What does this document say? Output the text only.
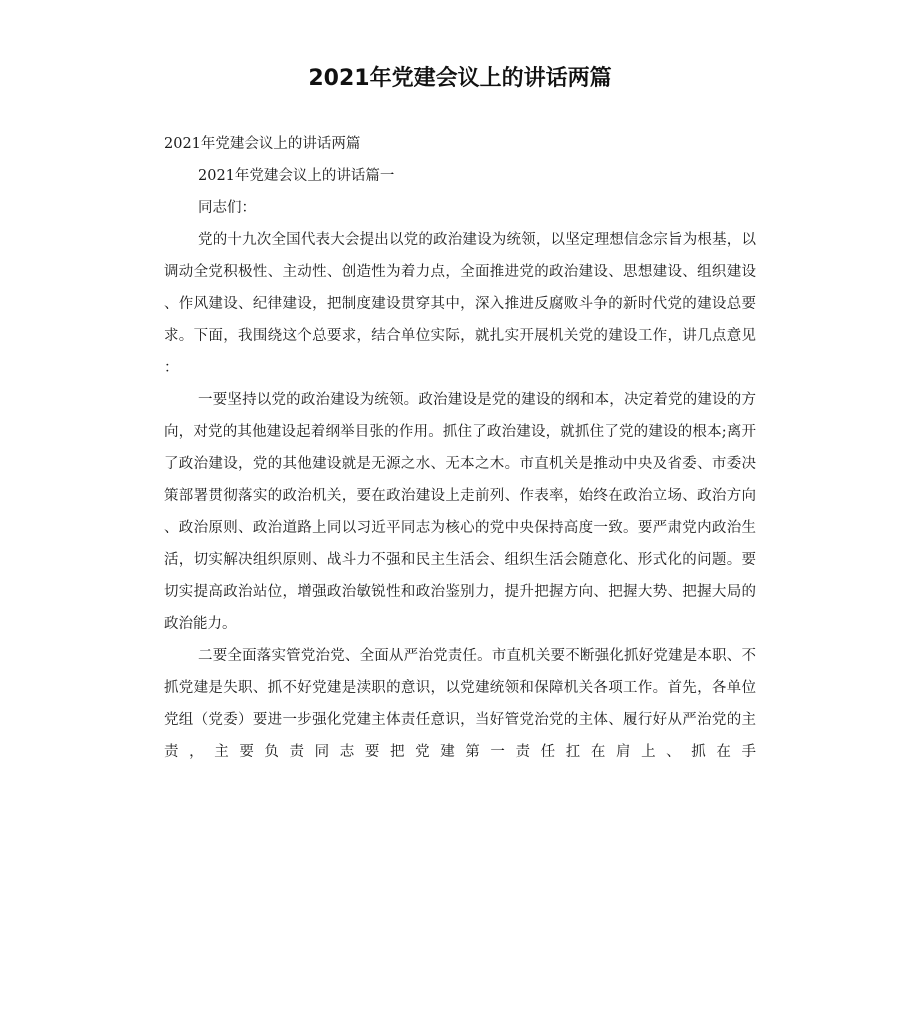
2021年党建会议上的讲话两篇

2021年党建会议上的讲话两篇

2021年党建会议上的讲话篇一

同志们：

党的十九次全国代表大会提出以党的政治建设为统领，以坚定理想信念宗旨为根基，以调动全党积极性、主动性、创造性为着力点，全面推进党的政治建设、思想建设、组织建设、作风建设、纪律建设，把制度建设贯穿其中，深入推进反腐败斗争的新时代党的建设总要求。下面，我围绕这个总要求，结合单位实际，就扎实开展机关党的建设工作，讲几点意见：

一要坚持以党的政治建设为统领。政治建设是党的建设的纲和本，决定着党的建设的方向，对党的其他建设起着纲举目张的作用。抓住了政治建设，就抓住了党的建设的根本;离开了政治建设，党的其他建设就是无源之水、无本之木。市直机关是推动中央及省委、市委决策部署贯彻落实的政治机关，要在政治建设上走前列、作表率，始终在政治立场、政治方向、政治原则、政治道路上同以习近平同志为核心的党中央保持高度一致。要严肃党内政治生活，切实解决组织原则、战斗力不强和民主生活会、组织生活会随意化、形式化的问题。要切实提高政治站位，增强政治敏锐性和政治鉴别力，提升把握方向、把握大势、把握大局的政治能力。

二要全面落实管党治党、全面从严治党责任。市直机关要不断强化抓好党建是本职、不抓党建是失职、抓不好党建是渎职的意识，以党建统领和保障机关各项工作。首先，各单位党组（党委）要进一步强化党建主体责任意识，当好管党治党的主体、履行好从严治党的主责，主要负责同志要把党建第一责任扛在肩上、抓在手
